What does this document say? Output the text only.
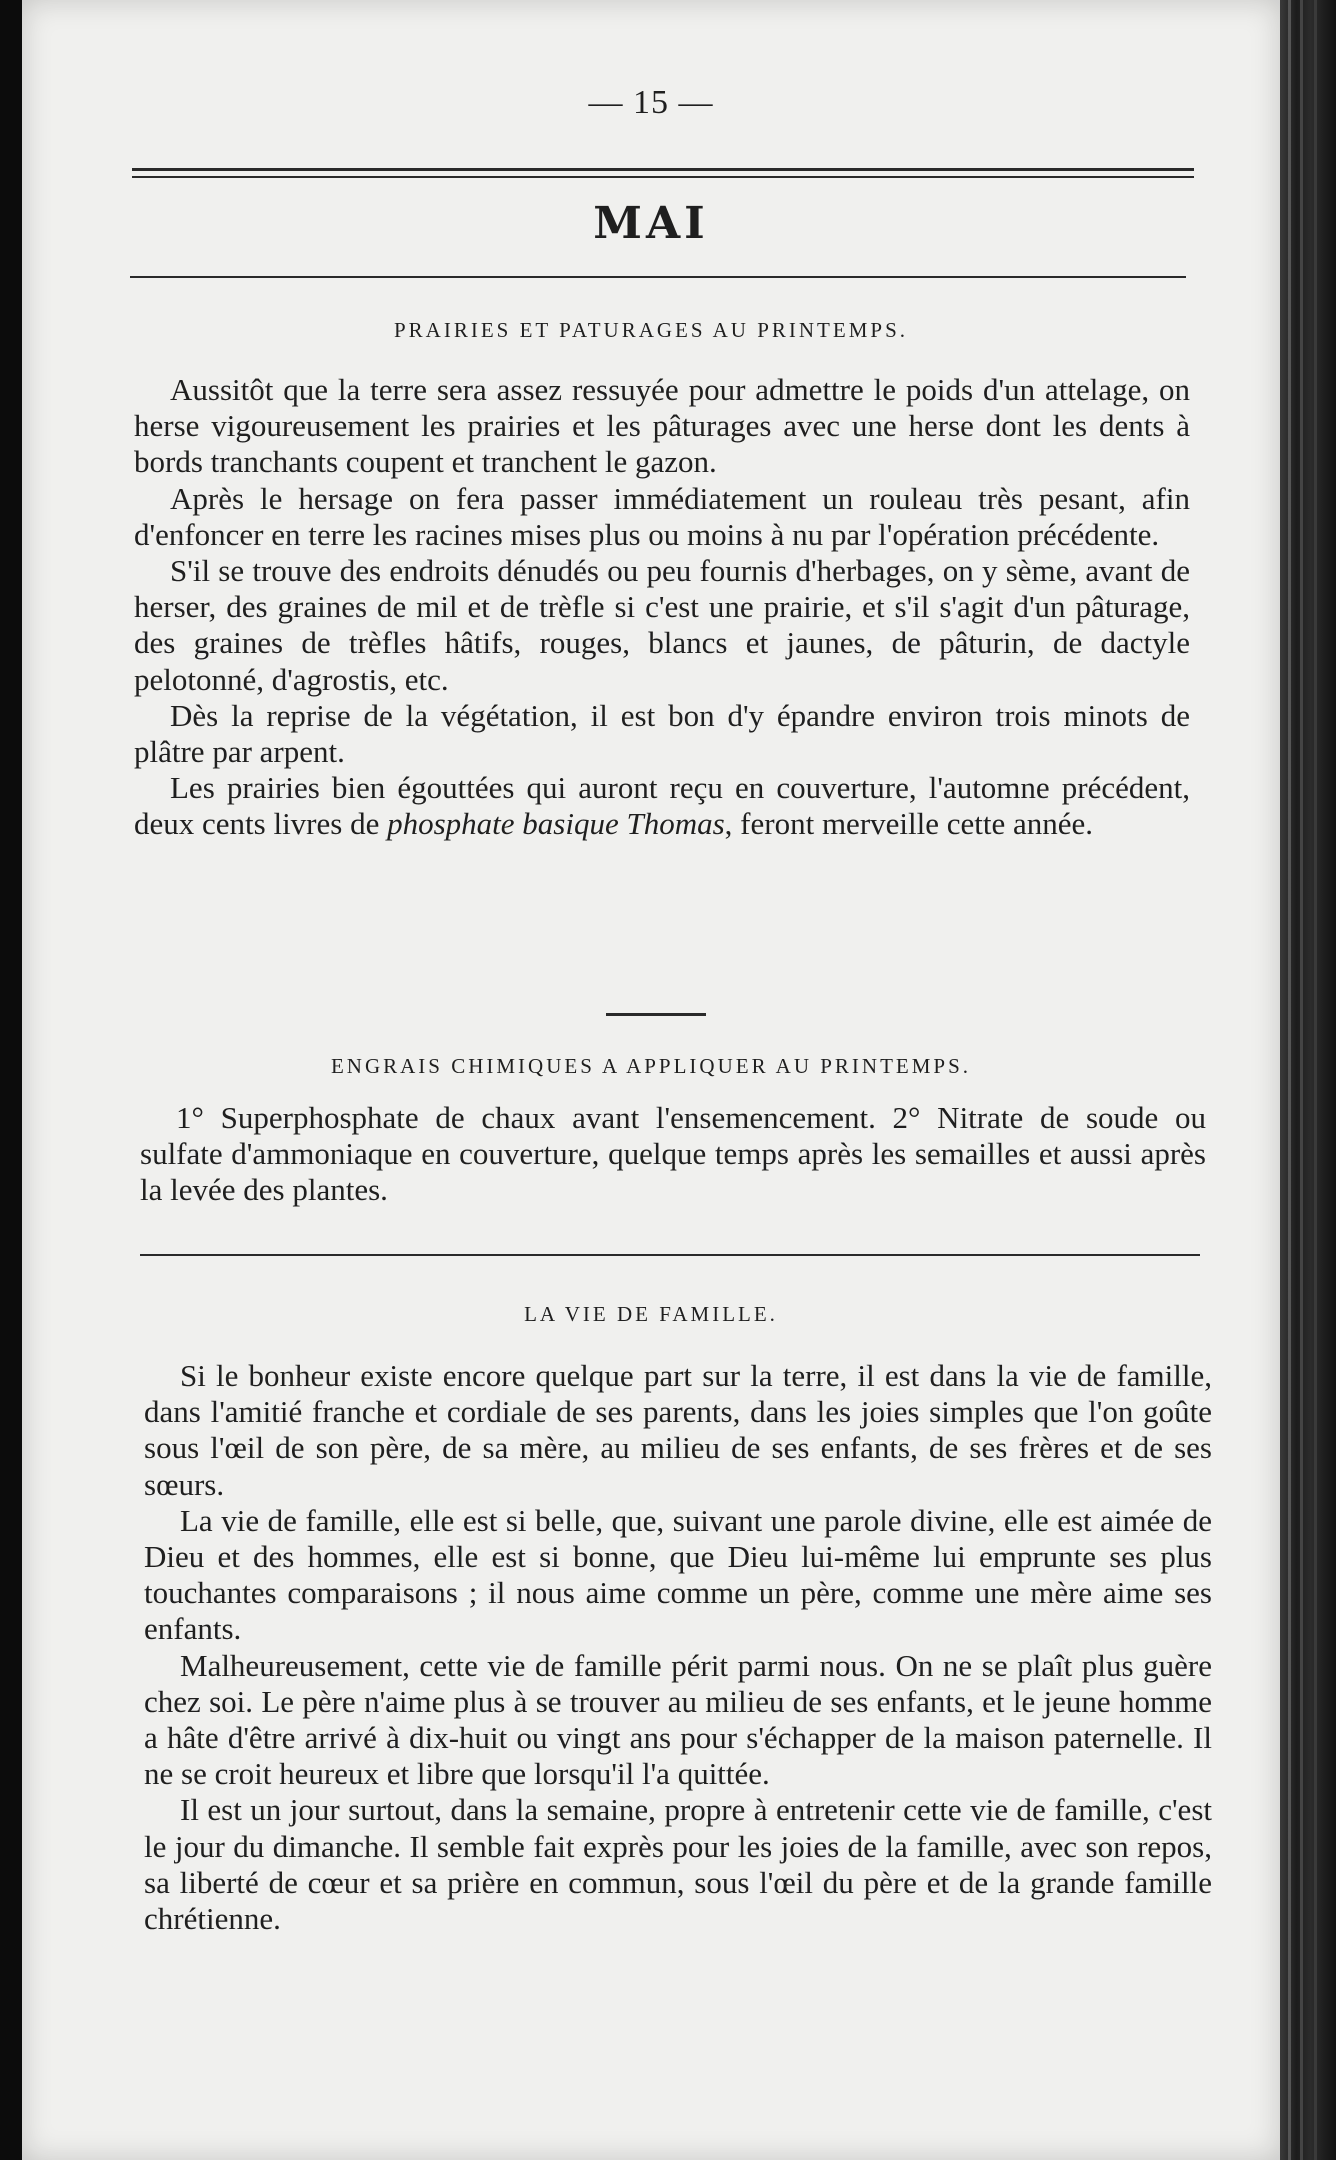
— 15 —
MAI
PRAIRIES ET PATURAGES AU PRINTEMPS.

Aussitôt que la terre sera assez ressuyée pour admettre le poids d'un attelage, on herse vigoureusement les prairies et les pâturages avec une herse dont les dents à bords tranchants coupent et tranchent le gazon.

Après le hersage on fera passer immédiatement un rouleau très pesant, afin d'enfoncer en terre les racines mises plus ou moins à nu par l'opération précédente.

S'il se trouve des endroits dénudés ou peu fournis d'herbages, on y sème, avant de herser, des graines de mil et de trèfle si c'est une prairie, et s'il s'agit d'un pâturage, des graines de trèfles hâtifs, rouges, blancs et jaunes, de pâturin, de dactyle pelotonné, d'agrostis, etc.

Dès la reprise de la végétation, il est bon d'y épandre environ trois minots de plâtre par arpent.

Les prairies bien égouttées qui auront reçu en couverture, l'automne précédent, deux cents livres de phosphate basique Thomas, feront merveille cette année.

ENGRAIS CHIMIQUES A APPLIQUER AU PRINTEMPS.

1° Superphosphate de chaux avant l'ensemencement. 2° Nitrate de soude ou sulfate d'ammoniaque en couverture, quelque temps après les semailles et aussi après la levée des plantes.

LA VIE DE FAMILLE.

Si le bonheur existe encore quelque part sur la terre, il est dans la vie de famille, dans l'amitié franche et cordiale de ses parents, dans les joies simples que l'on goûte sous l'œil de son père, de sa mère, au milieu de ses enfants, de ses frères et de ses sœurs.

La vie de famille, elle est si belle, que, suivant une parole divine, elle est aimée de Dieu et des hommes, elle est si bonne, que Dieu lui-même lui emprunte ses plus touchantes comparaisons ; il nous aime comme un père, comme une mère aime ses enfants.

Malheureusement, cette vie de famille périt parmi nous. On ne se plaît plus guère chez soi. Le père n'aime plus à se trouver au milieu de ses enfants, et le jeune homme a hâte d'être arrivé à dix-huit ou vingt ans pour s'échapper de la maison paternelle. Il ne se croit heureux et libre que lorsqu'il l'a quittée.

Il est un jour surtout, dans la semaine, propre à entretenir cette vie de famille, c'est le jour du dimanche. Il semble fait exprès pour les joies de la famille, avec son repos, sa liberté de cœur et sa prière en commun, sous l'œil du père et de la grande famille chrétienne.
